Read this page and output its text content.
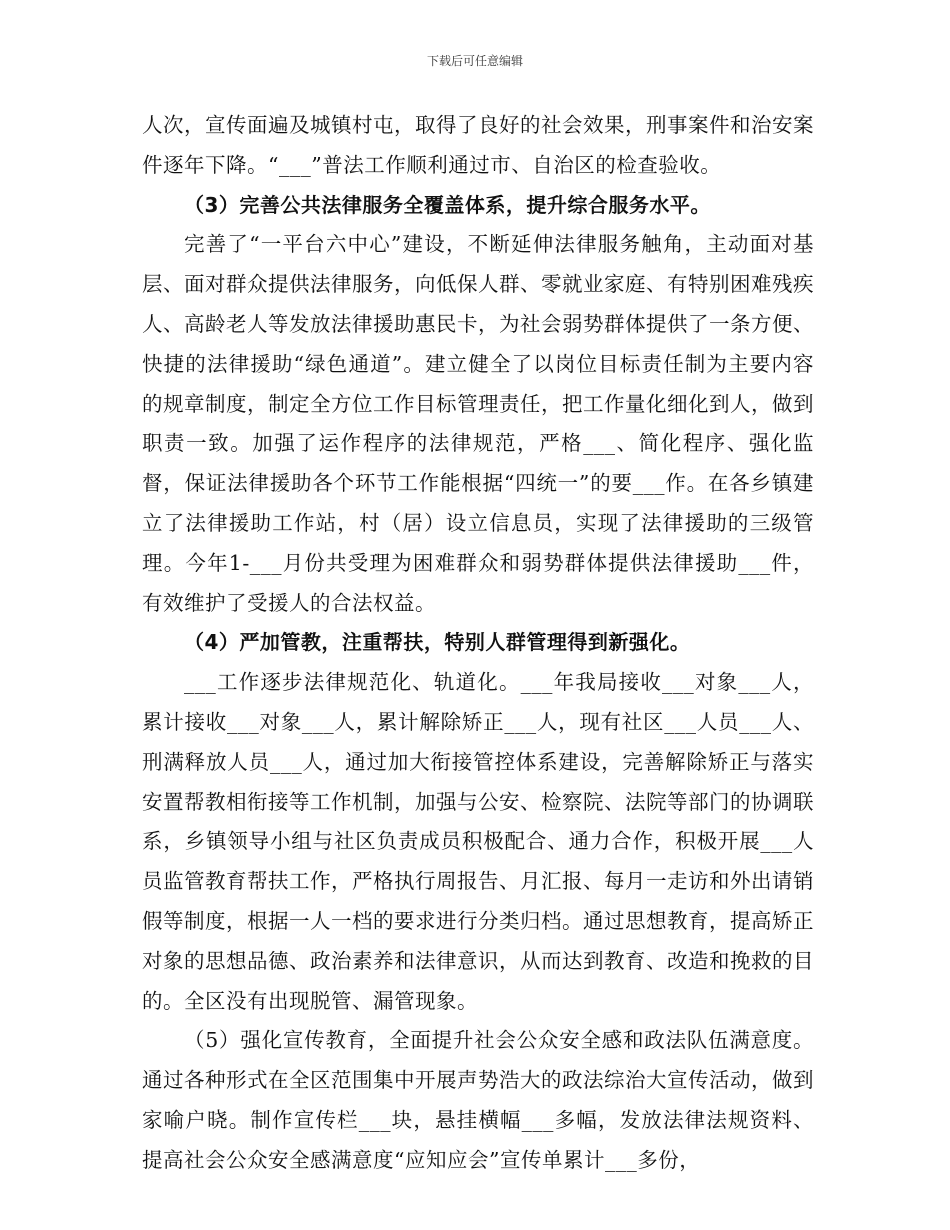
下载后可任意编辑

人次，宣传面遍及城镇村屯，取得了良好的社会效果，刑事案件和治安案件逐年下降。“___”普法工作顺利通过市、自治区的检查验收。

（3）完善公共法律服务全覆盖体系，提升综合服务水平。

完善了“一平台六中心”建设，不断延伸法律服务触角，主动面对基层、面对群众提供法律服务，向低保人群、零就业家庭、有特别困难残疾人、高龄老人等发放法律援助惠民卡，为社会弱势群体提供了一条方便、快捷的法律援助“绿色通道”。建立健全了以岗位目标责任制为主要内容的规章制度，制定全方位工作目标管理责任，把工作量化细化到人，做到职责一致。加强了运作程序的法律规范，严格___、简化程序、强化监督，保证法律援助各个环节工作能根据“四统一”的要___作。在各乡镇建立了法律援助工作站，村（居）设立信息员，实现了法律援助的三级管理。今年1-___月份共受理为困难群众和弱势群体提供法律援助___件，有效维护了受援人的合法权益。

（4）严加管教，注重帮扶，特别人群管理得到新强化。

___工作逐步法律规范化、轨道化。___年我局接收___对象___人，累计接收___对象___人，累计解除矫正___人，现有社区___人员___人、刑满释放人员___人，通过加大衔接管控体系建设，完善解除矫正与落实安置帮教相衔接等工作机制，加强与公安、检察院、法院等部门的协调联系，乡镇领导小组与社区负责成员积极配合、通力合作，积极开展___人员监管教育帮扶工作，严格执行周报告、月汇报、每月一走访和外出请销假等制度，根据一人一档的要求进行分类归档。通过思想教育，提高矫正对象的思想品德、政治素养和法律意识，从而达到教育、改造和挽救的目的。全区没有出现脱管、漏管现象。

（5）强化宣传教育，全面提升社会公众安全感和政法队伍满意度。通过各种形式在全区范围集中开展声势浩大的政法综治大宣传活动，做到家喻户晓。制作宣传栏___块，悬挂横幅___多幅，发放法律法规资料、提高社会公众安全感满意度“应知应会”宣传单累计___多份，
